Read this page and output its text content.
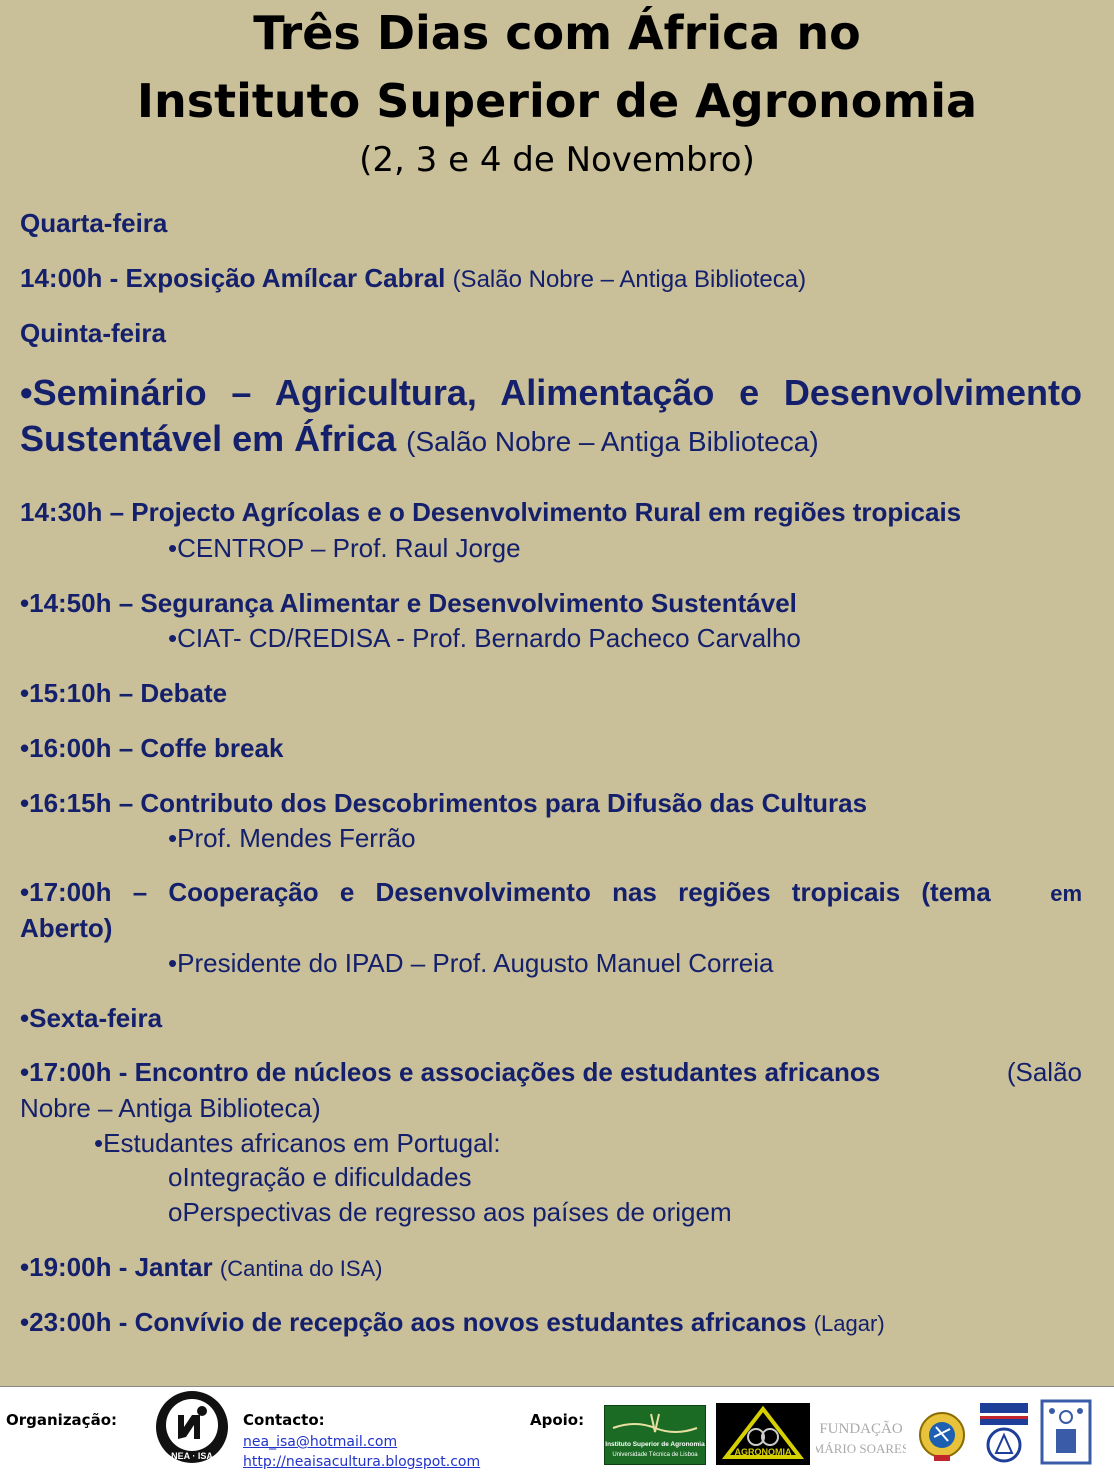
Três Dias com África no
Instituto Superior de Agronomia
(2, 3 e 4 de Novembro)
Quarta-feira
14:00h - Exposição Amílcar Cabral (Salão Nobre – Antiga Biblioteca)
Quinta-feira
•Seminário – Agricultura, Alimentação e Desenvolvimento
Sustentável em África (Salão Nobre – Antiga Biblioteca)
14:30h – Projecto Agrícolas e o Desenvolvimento Rural em regiões tropicais
•CENTROP – Prof. Raul Jorge
•14:50h – Segurança Alimentar e Desenvolvimento Sustentável
•CIAT- CD/REDISA - Prof. Bernardo Pacheco Carvalho
•15:10h – Debate
•16:00h – Coffe break
•16:15h – Contributo dos Descobrimentos para Difusão das Culturas
•Prof. Mendes Ferrão
•17:00h – Cooperação e Desenvolvimento nas regiões tropicais (tema	em
Aberto)
•Presidente do IPAD – Prof. Augusto Manuel Correia
•Sexta-feira
•17:00h - Encontro de núcleos e associações de estudantes africanos	(Salão
Nobre – Antiga Biblioteca)
•Estudantes africanos em Portugal:
oIntegração e dificuldades
oPerspectivas de regresso aos países de origem
•19:00h - Jantar (Cantina do ISA)
•23:00h - Convívio de recepção aos novos estudantes africanos (Lagar)
Organização:
NEA · ISA
Contacto:
nea_isa@hotmail.com
http://neaisacultura.blogspot.com
Apoio:
Instituto Superior de Agronomia
Universidade Técnica de Lisboa	AGRONOMIA
FUNDAÇÃO
MÁRIO SOARES
